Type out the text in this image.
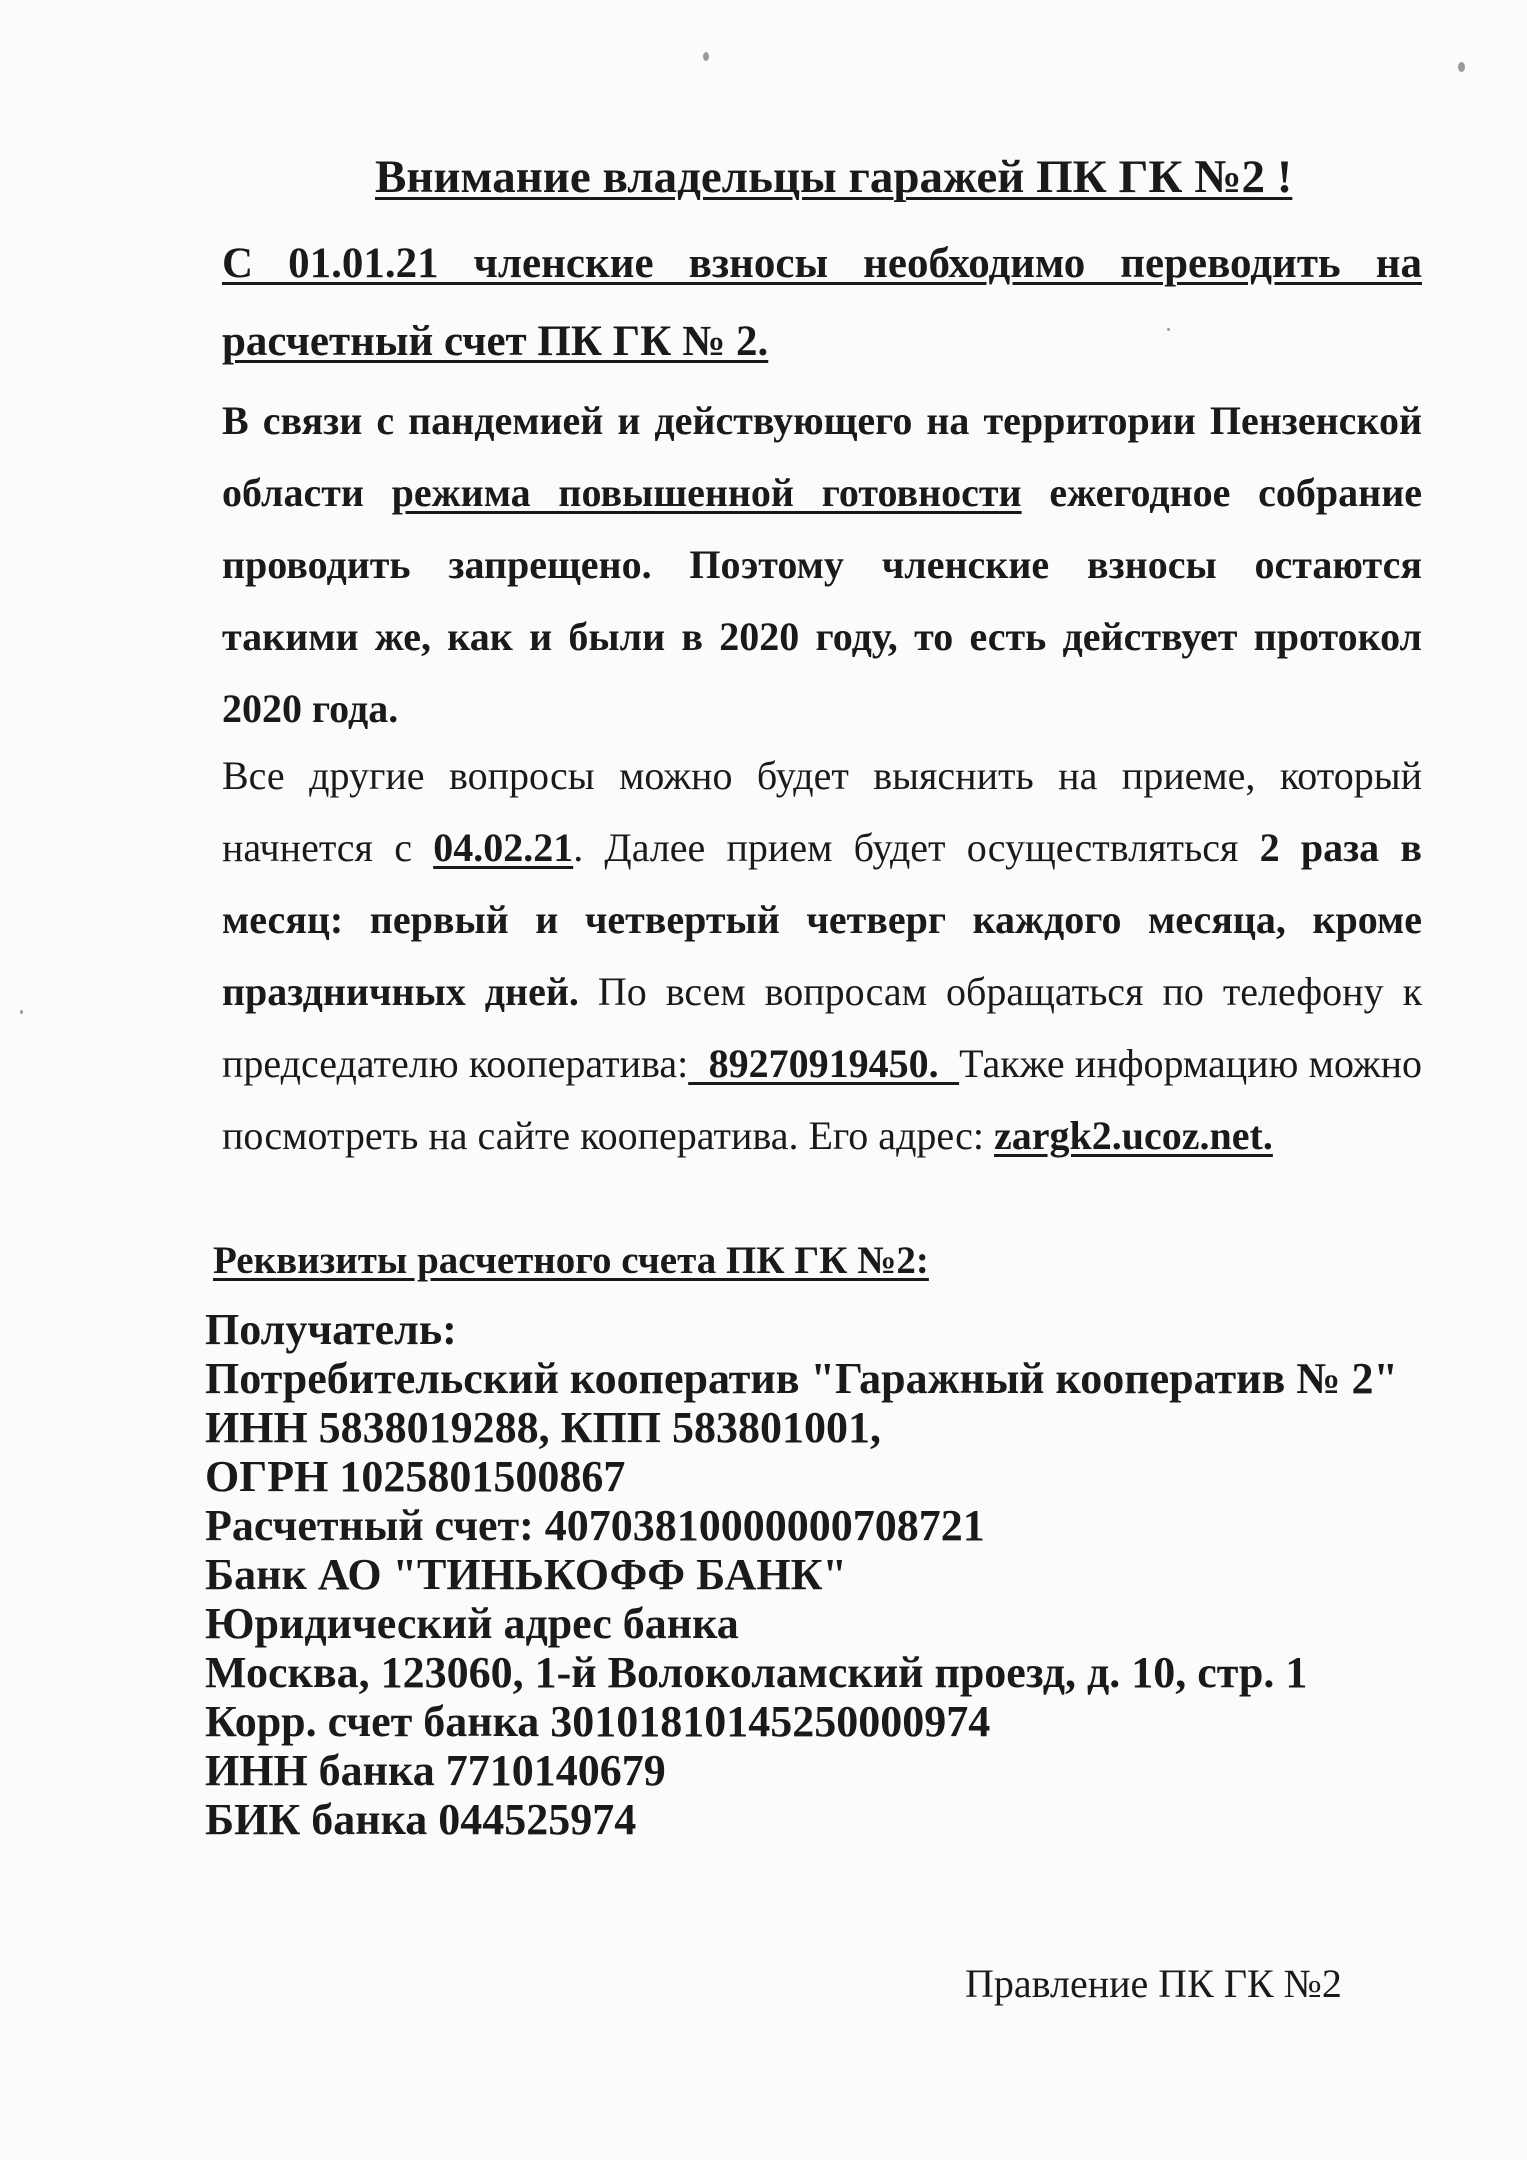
Внимание владельцы гаражей ПК ГК №2 !
С 01.01.21 членские взносы необходимо переводить на расчетный счет ПК ГК № 2.
В связи с пандемией и действующего на территории Пензенской области режима повышенной готовности ежегодное собрание проводить запрещено. Поэтому членские взносы остаются такими же, как и были в 2020 году, то есть действует протокол 2020 года.
Все другие вопросы можно будет выяснить на приеме, который начнется с 04.02.21. Далее прием будет осуществляться 2 раза в месяц: первый и четвертый четверг каждого месяца, кроме праздничных дней. По всем вопросам обращаться по телефону к председателю кооператива:  89270919450.  Также информацию можно посмотреть на сайте кооператива. Его адрес: zargk2.ucoz.net.
Реквизиты расчетного счета ПК ГК №2:
Получатель:
Потребительский кооператив "Гаражный кооператив № 2"
ИНН 5838019288, КПП 583801001,
ОГРН 1025801500867
Расчетный счет: 40703810000000708721
Банк АО "ТИНЬКОФФ БАНК"
Юридический адрес банка
Москва, 123060, 1-й Волоколамский проезд, д. 10, стр. 1
Корр. счет банка 30101810145250000974
ИНН банка 7710140679
БИК банка 044525974
Правление ПК ГК №2
